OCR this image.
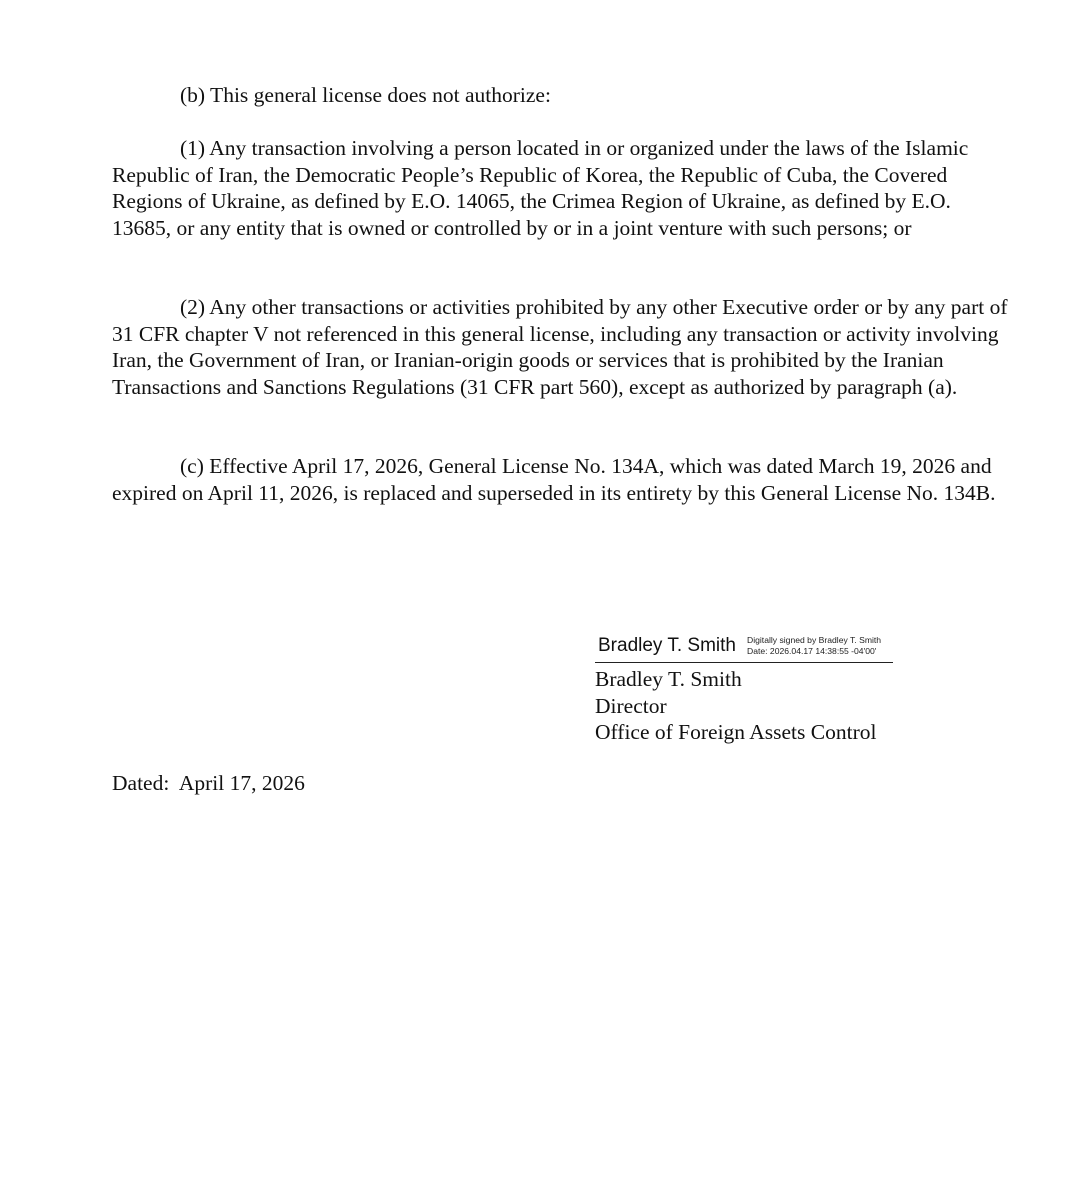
(b) This general license does not authorize:

(1) Any transaction involving a person located in or organized under the laws of the Islamic Republic of Iran, the Democratic People’s Republic of Korea, the Republic of Cuba, the Covered Regions of Ukraine, as defined by E.O. 14065, the Crimea Region of Ukraine, as defined by E.O. 13685, or any entity that is owned or controlled by or in a joint venture with such persons; or

(2) Any other transactions or activities prohibited by any other Executive order or by any part of 31 CFR chapter V not referenced in this general license, including any transaction or activity involving Iran, the Government of Iran, or Iranian-origin goods or services that is prohibited by the Iranian Transactions and Sanctions Regulations (31 CFR part 560), except as authorized by paragraph (a).

(c) Effective April 17, 2026, General License No. 134A, which was dated March 19, 2026 and expired on April 11, 2026, is replaced and superseded in its entirety by this General License No. 134B.

Bradley T. Smith Digitally signed by Bradley T. Smith
Date: 2026.04.17 14:38:55 -04'00'
Bradley T. Smith
Director
Office of Foreign Assets Control
Dated:  April 17, 2026
